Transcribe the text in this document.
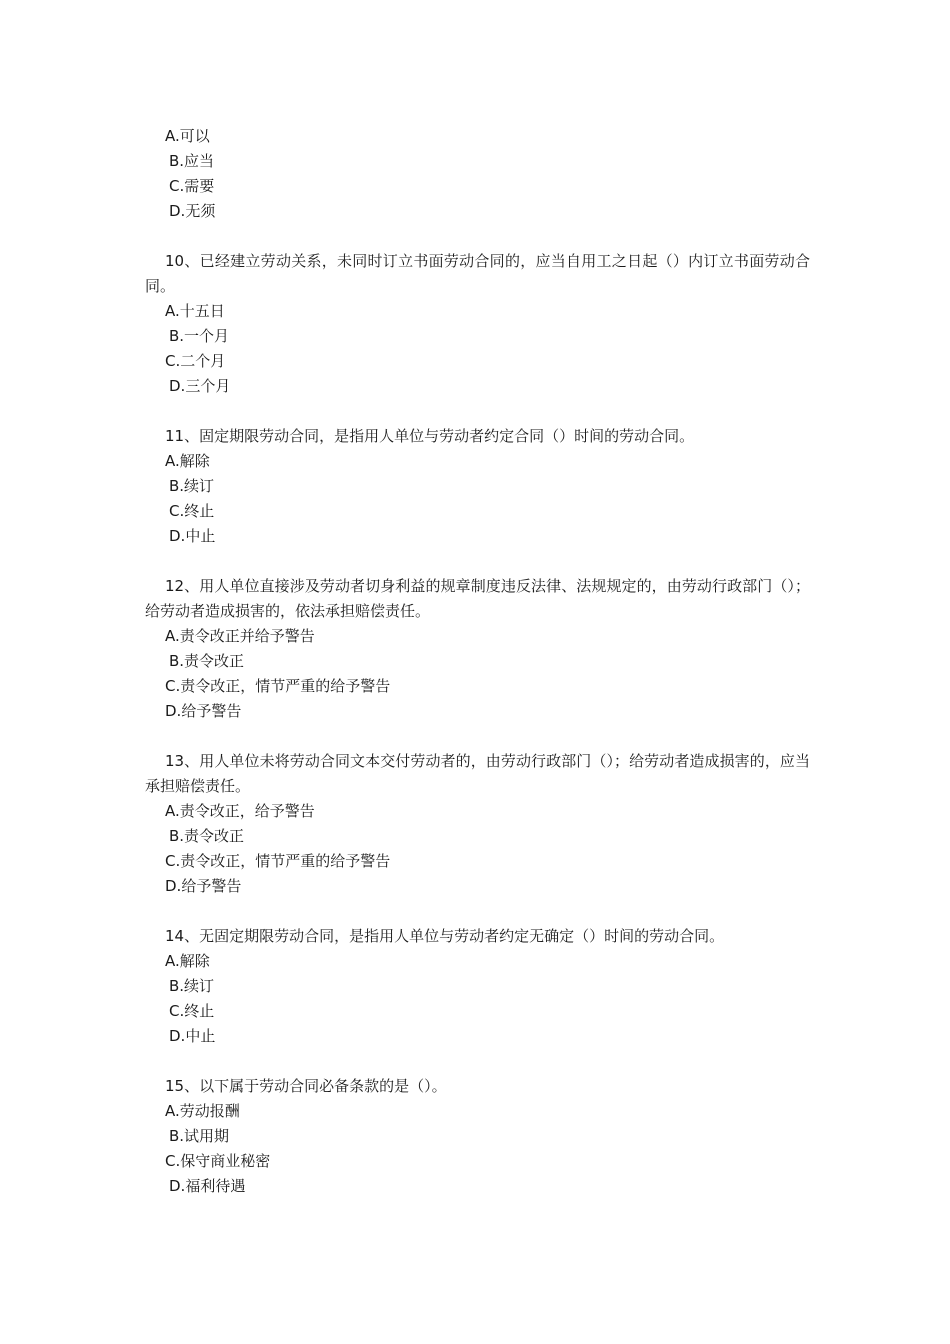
A.可以
B.应当
C.需要
D.无须
10、已经建立劳动关系，未同时订立书面劳动合同的，应当自用工之日起（）内订立书面劳动合同。
A.十五日
B.一个月
C.二个月
D.三个月
11、固定期限劳动合同，是指用人单位与劳动者约定合同（）时间的劳动合同。
A.解除
B.续订
C.终止
D.中止
12、用人单位直接涉及劳动者切身利益的规章制度违反法律、法规规定的，由劳动行政部门（）；给劳动者造成损害的，依法承担赔偿责任。
A.责令改正并给予警告
B.责令改正
C.责令改正，情节严重的给予警告
D.给予警告
13、用人单位未将劳动合同文本交付劳动者的，由劳动行政部门（）；给劳动者造成损害的，应当承担赔偿责任。
A.责令改正，给予警告
B.责令改正
C.责令改正，情节严重的给予警告
D.给予警告
14、无固定期限劳动合同，是指用人单位与劳动者约定无确定（）时间的劳动合同。
A.解除
B.续订
C.终止
D.中止
15、以下属于劳动合同必备条款的是（）。
A.劳动报酬
B.试用期
C.保守商业秘密
D.福利待遇
